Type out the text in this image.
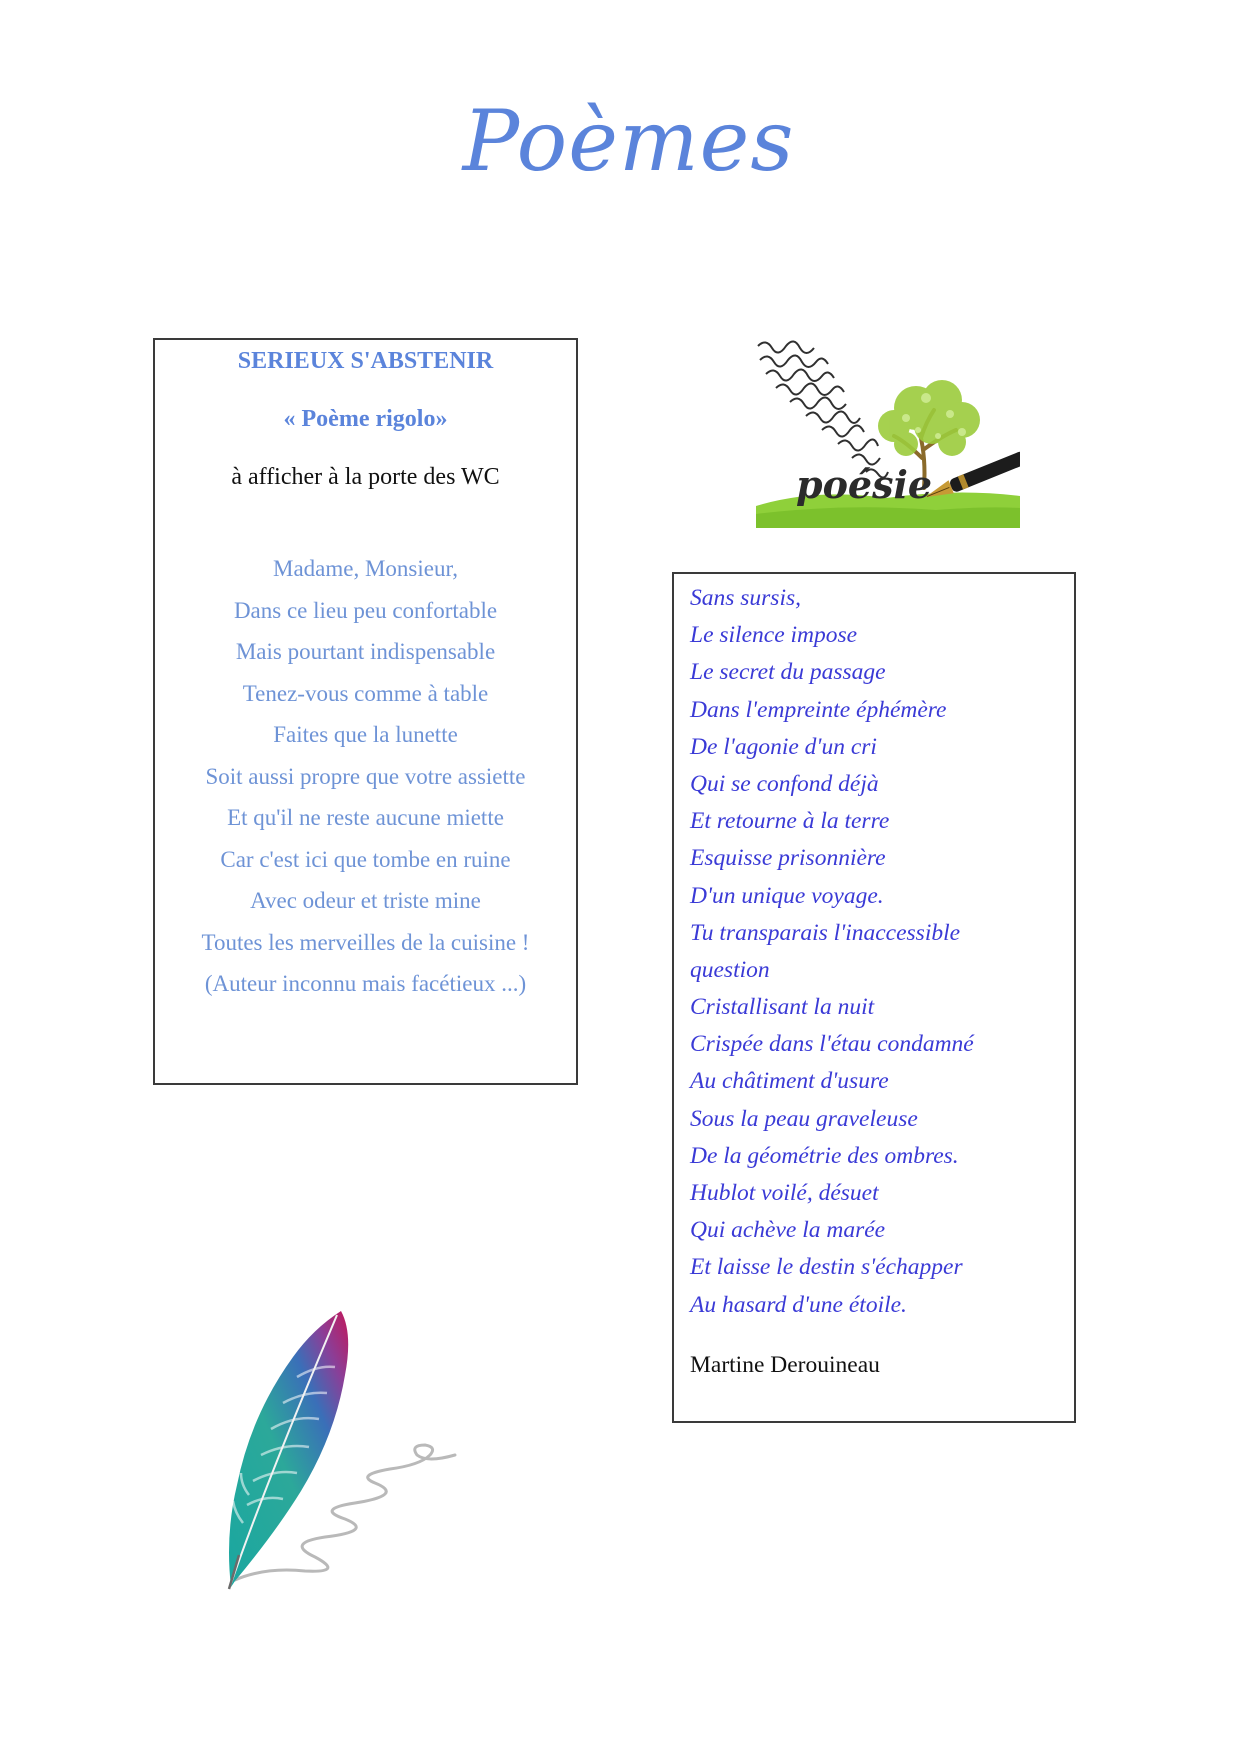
Poèmes
SERIEUX S'ABSTENIR
« Poème rigolo»
à afficher à la porte des WC
Madame, Monsieur,
Dans ce lieu peu confortable
Mais pourtant indispensable
Tenez-vous comme à table
Faites que la lunette
Soit aussi propre que votre assiette
Et qu'il ne reste aucune miette
Car c'est ici que tombe en ruine
Avec odeur et triste mine
Toutes les merveilles de la cuisine !
(Auteur inconnu mais facétieux ...)
poésie
Sans sursis,
Le silence impose
Le secret du passage
Dans l'empreinte éphémère
De l'agonie d'un cri
Qui se confond déjà
Et retourne à la terre
Esquisse prisonnière
D'un unique voyage.
Tu transparais l'inaccessible
question
Cristallisant la nuit
Crispée dans l'étau condamné
Au châtiment d'usure
Sous la peau graveleuse
De la géométrie des ombres.
Hublot voilé, désuet
Qui achève la marée
Et laisse le destin s'échapper
Au hasard d'une étoile.
Martine Derouineau
